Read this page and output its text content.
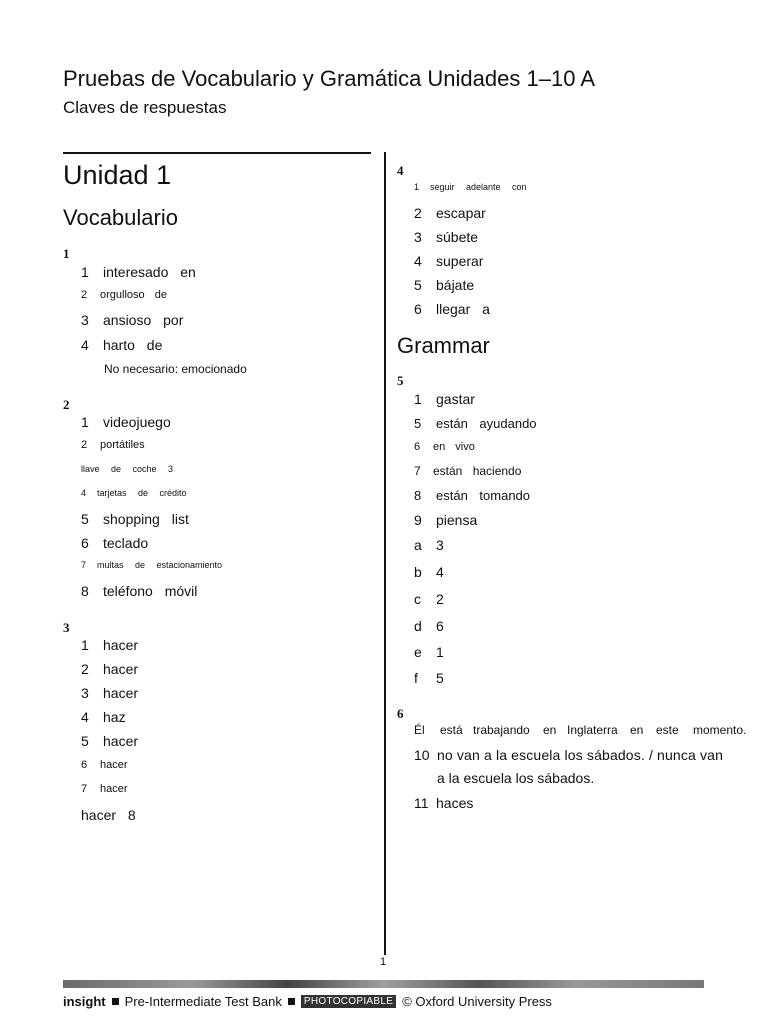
Pruebas de Vocabulario y Gramática Unidades 1–10 A
Claves de respuestas
Unidad 1
Vocabulario
1
1 interesado en
2 orgulloso de
3 ansioso por
4 harto de
No necesario: emocionado
2
1 videojuego
2 portátiles
llave de coche 3
4 tarjetas de crédito
5 shopping list
6 teclado
7 multas de estacionamiento
8 teléfono móvil
3
1 hacer
2 hacer
3 hacer
4 haz
5 hacer
6 hacer
7 hacer
hacer 8
4
1 seguir adelante con
2 escapar
3 súbete
4 superar
5 bájate
6 llegar a
Grammar
5
1 gastar
5 están ayudando
6 en vivo
7 están haciendo
8 están tomando
9 piensa
a 3
b 4
c 2
d 6
e 1
f 5
6
Él está trabajando en Inglaterra en este momento.
10 no van a la escuela los sábados. / nunca van
a la escuela los sábados.
11 haces
1
insight Pre-Intermediate Test Bank	PHOTOCOPIABLE © Oxford University Press
